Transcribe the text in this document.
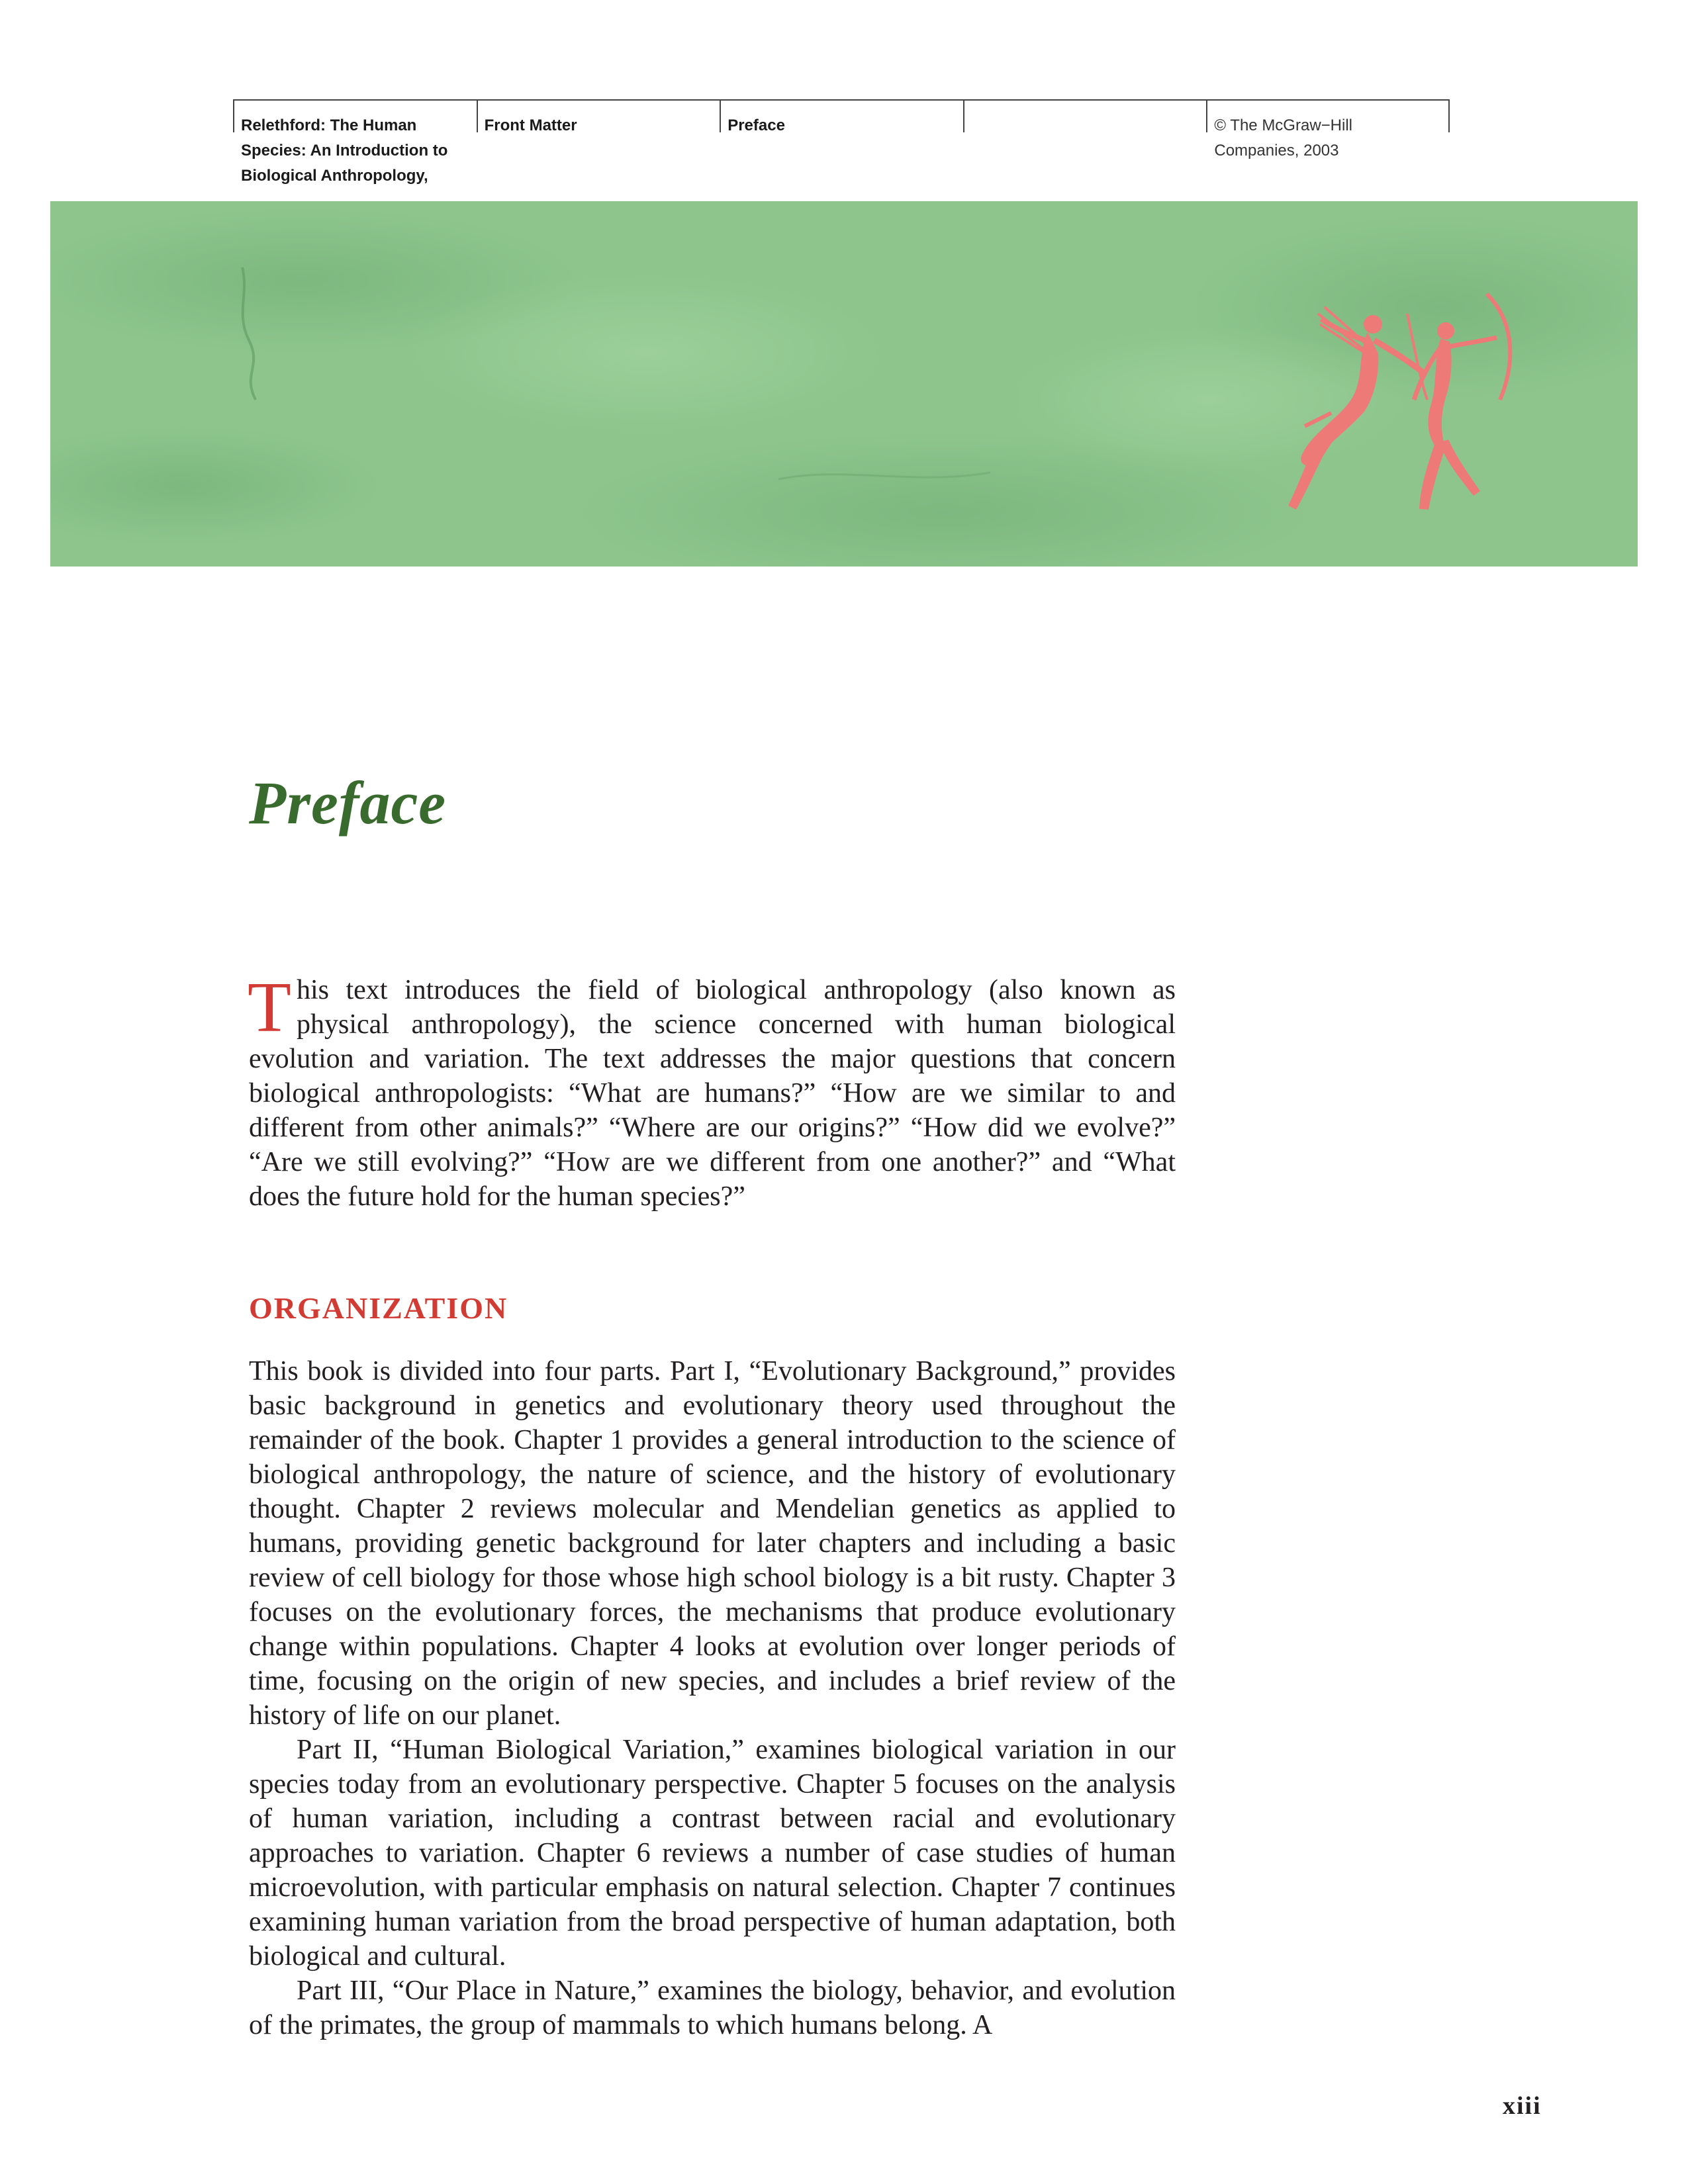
Relethford: The Human
Species: An Introduction to
Biological Anthropology,
Front Matter	Preface	© The McGraw−Hill
Companies, 2003
Preface

This text introduces the field of biological anthropology (also known as physical anthropology), the science concerned with human biological evolution and variation. The text addresses the major questions that concern biological anthropologists: “What are humans?” “How are we similar to and different from other animals?” “Where are our origins?” “How did we evolve?” “Are we still evolving?” “How are we different from one another?” and “What does the future hold for the human species?”

ORGANIZATION

This book is divided into four parts. Part I, “Evolutionary Background,” provides basic background in genetics and evolutionary theory used throughout the remainder of the book. Chapter 1 provides a general introduction to the science of biological anthropology, the nature of science, and the history of evolutionary thought. Chapter 2 reviews molecular and Mendelian genetics as applied to humans, providing genetic background for later chapters and including a basic review of cell biology for those whose high school biology is a bit rusty. Chapter 3 focuses on the evolutionary forces, the mechanisms that produce evolutionary change within populations. Chapter 4 looks at evolution over longer periods of time, focusing on the origin of new species, and includes a brief review of the history of life on our planet.

Part II, “Human Biological Variation,” examines biological variation in our species today from an evolutionary perspective. Chapter 5 focuses on the analysis of human variation, including a contrast between racial and evolutionary approaches to variation. Chapter 6 reviews a number of case studies of human microevolution, with particular emphasis on natural selection. Chapter 7 continues examining human variation from the broad perspective of human adaptation, both biological and cultural.

Part III, “Our Place in Nature,” examines the biology, behavior, and evolution of the primates, the group of mammals to which humans belong. A

xiii
